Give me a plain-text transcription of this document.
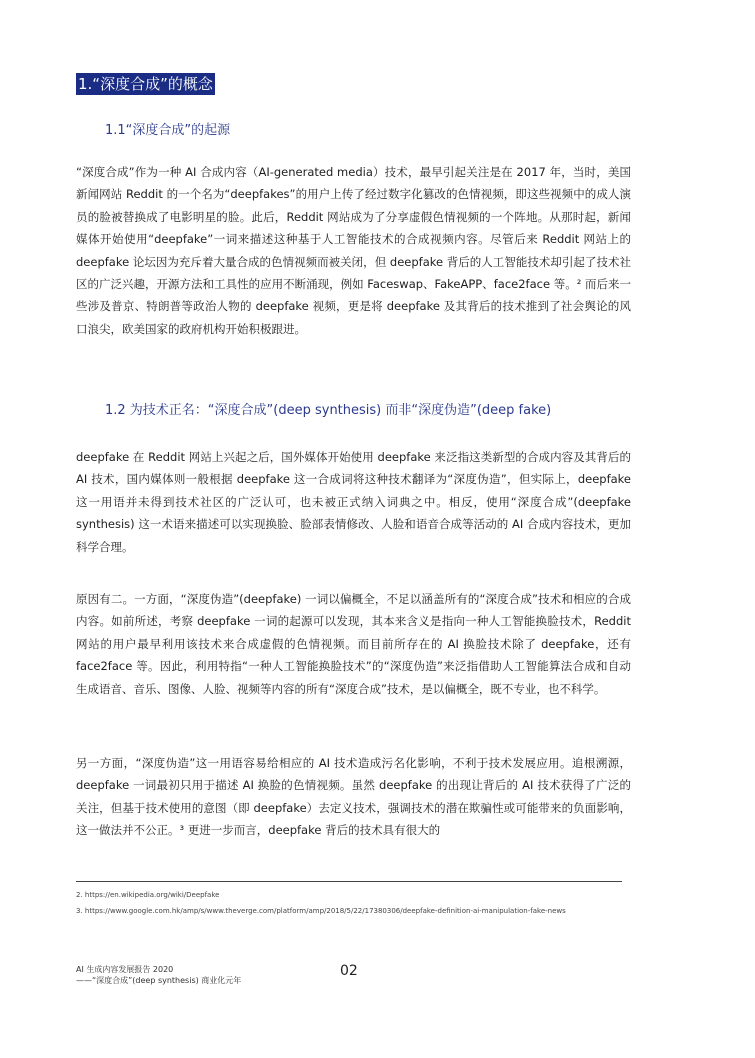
1.“深度合成”的概念
1.1“深度合成”的起源
“深度合成”作为一种 AI 合成内容（AI-generated media）技术，最早引起关注是在 2017 年，当时，美国新闻网站 Reddit 的一个名为“deepfakes”的用户上传了经过数字化篡改的色情视频，即这些视频中的成人演员的脸被替换成了电影明星的脸。此后，Reddit 网站成为了分享虚假色情视频的一个阵地。从那时起，新闻媒体开始使用“deepfake”一词来描述这种基于人工智能技术的合成视频内容。尽管后来 Reddit 网站上的 deepfake 论坛因为充斥着大量合成的色情视频而被关闭，但 deepfake 背后的人工智能技术却引起了技术社区的广泛兴趣，开源方法和工具性的应用不断涌现，例如 Faceswap、FakeAPP、face2face 等。² 而后来一些涉及普京、特朗普等政治人物的 deepfake 视频，更是将 deepfake 及其背后的技术推到了社会舆论的风口浪尖，欧美国家的政府机构开始积极跟进。
1.2 为技术正名：“深度合成”(deep synthesis) 而非“深度伪造”(deep fake)
deepfake 在 Reddit 网站上兴起之后，国外媒体开始使用 deepfake 来泛指这类新型的合成内容及其背后的 AI 技术，国内媒体则一般根据 deepfake 这一合成词将这种技术翻译为“深度伪造”，但实际上，deepfake 这一用语并未得到技术社区的广泛认可，也未被正式纳入词典之中。相反，使用“深度合成”(deepfake synthesis) 这一术语来描述可以实现换脸、脸部表情修改、人脸和语音合成等活动的 AI 合成内容技术，更加科学合理。
原因有二。一方面，“深度伪造”(deepfake) 一词以偏概全，不足以涵盖所有的“深度合成”技术和相应的合成内容。如前所述，考察 deepfake 一词的起源可以发现，其本来含义是指向一种人工智能换脸技术，Reddit 网站的用户最早利用该技术来合成虚假的色情视频。而目前所存在的 AI 换脸技术除了 deepfake，还有 face2face 等。因此，利用特指“一种人工智能换脸技术”的“深度伪造”来泛指借助人工智能算法合成和自动生成语音、音乐、图像、人脸、视频等内容的所有“深度合成”技术，是以偏概全，既不专业，也不科学。
另一方面，“深度伪造”这一用语容易给相应的 AI 技术造成污名化影响，不利于技术发展应用。追根溯源，deepfake 一词最初只用于描述 AI 换脸的色情视频。虽然 deepfake 的出现让背后的 AI 技术获得了广泛的关注，但基于技术使用的意图（即 deepfake）去定义技术，强调技术的潜在欺骗性或可能带来的负面影响，这一做法并不公正。³ 更进一步而言，deepfake 背后的技术具有很大的
2. https://en.wikipedia.org/wiki/Deepfake
3. https://www.google.com.hk/amp/s/www.theverge.com/platform/amp/2018/5/22/17380306/deepfake-definition-ai-manipulation-fake-news
AI 生成内容发展报告 2020
——“深度合成”(deep synthesis) 商业化元年
02
